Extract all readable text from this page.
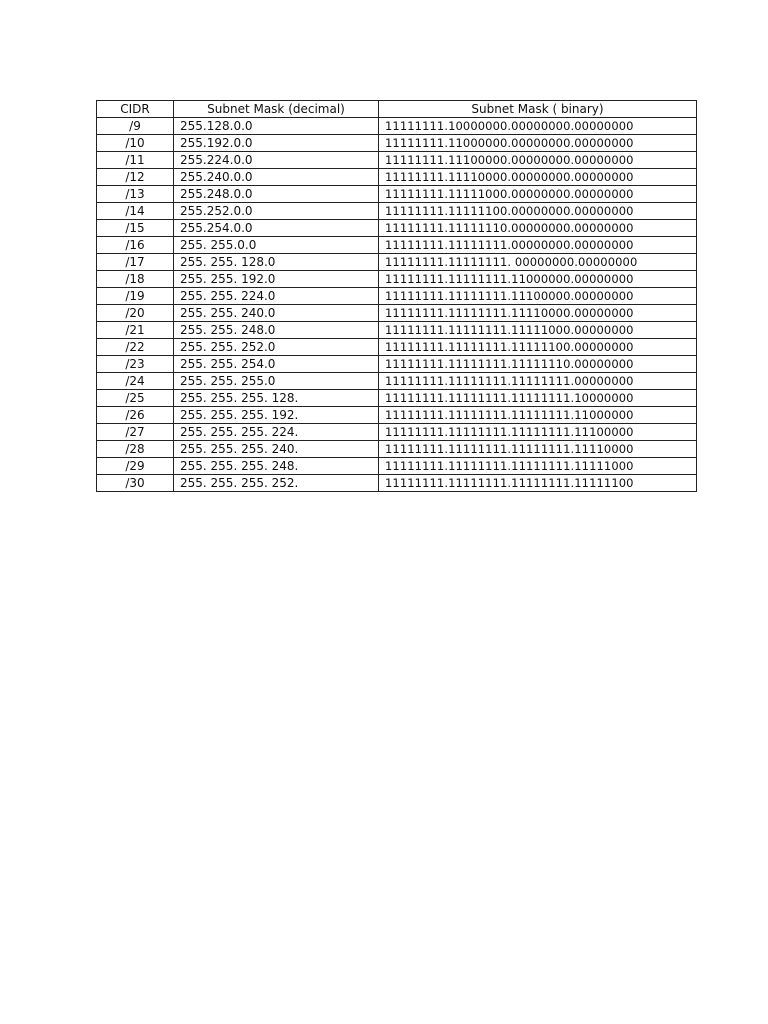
CIDR	Subnet Mask (decimal)	Subnet Mask ( binary)
/9	255.128.0.0	11111111.10000000.00000000.00000000
/10	255.192.0.0	11111111.11000000.00000000.00000000
/11	255.224.0.0	11111111.11100000.00000000.00000000
/12	255.240.0.0	11111111.11110000.00000000.00000000
/13	255.248.0.0	11111111.11111000.00000000.00000000
/14	255.252.0.0	11111111.11111100.00000000.00000000
/15	255.254.0.0	11111111.11111110.00000000.00000000
/16	255. 255.0.0	11111111.11111111.00000000.00000000
/17	255. 255. 128.0	11111111.11111111. 00000000.00000000
/18	255. 255. 192.0	11111111.11111111.11000000.00000000
/19	255. 255. 224.0	11111111.11111111.11100000.00000000
/20	255. 255. 240.0	11111111.11111111.11110000.00000000
/21	255. 255. 248.0	11111111.11111111.11111000.00000000
/22	255. 255. 252.0	11111111.11111111.11111100.00000000
/23	255. 255. 254.0	11111111.11111111.11111110.00000000
/24	255. 255. 255.0	11111111.11111111.11111111.00000000
/25	255. 255. 255. 128.	11111111.11111111.11111111.10000000
/26	255. 255. 255. 192.	11111111.11111111.11111111.11000000
/27	255. 255. 255. 224.	11111111.11111111.11111111.11100000
/28	255. 255. 255. 240.	11111111.11111111.11111111.11110000
/29	255. 255. 255. 248.	11111111.11111111.11111111.11111000
/30	255. 255. 255. 252.	11111111.11111111.11111111.11111100
